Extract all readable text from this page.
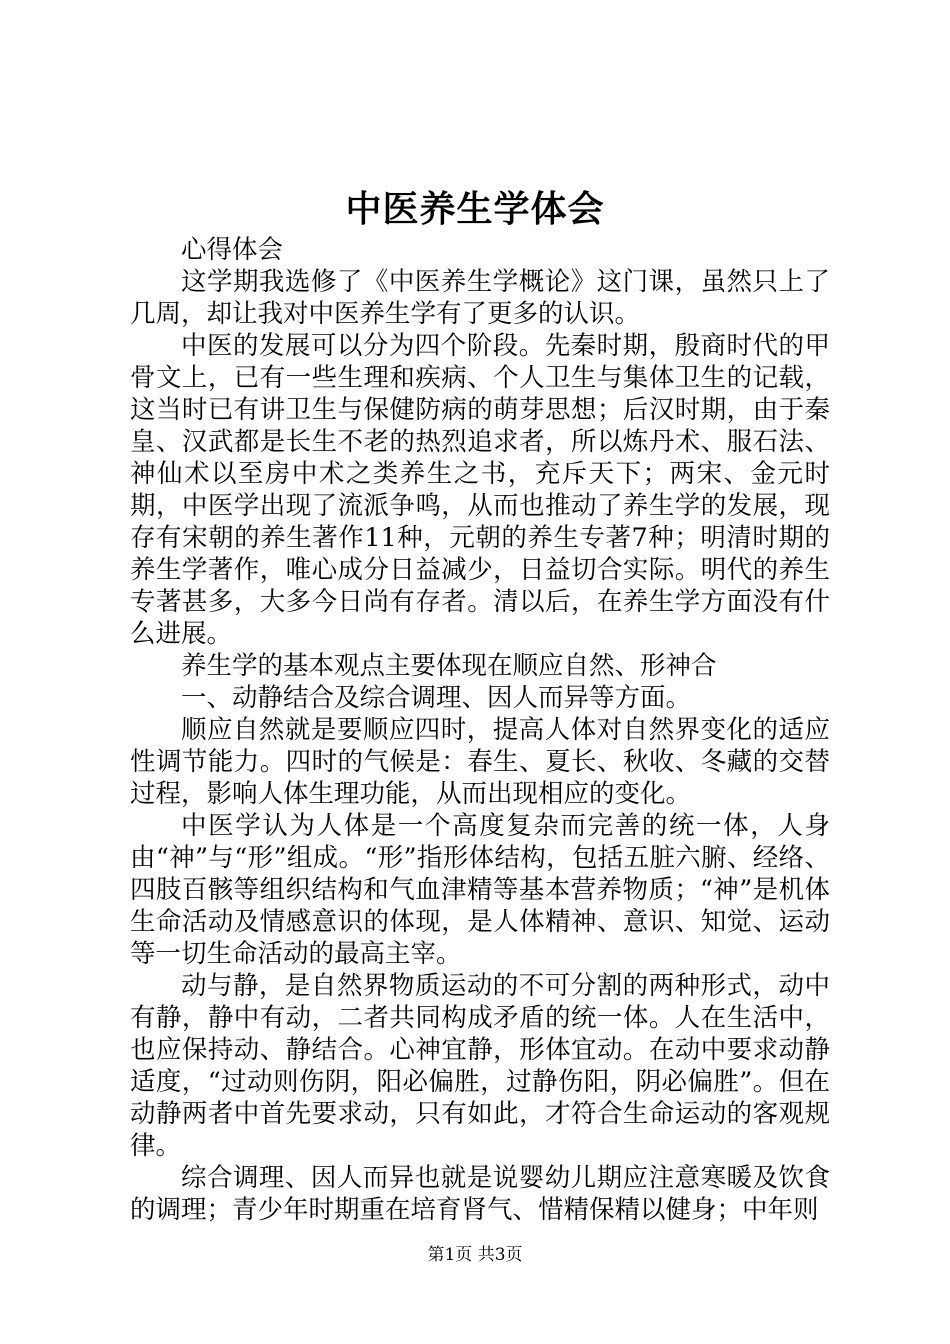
中医养生学体会

心得体会

这学期我选修了《中医养生学概论》这门课，虽然只上了几周，却让我对中医养生学有了更多的认识。

中医的发展可以分为四个阶段。先秦时期，殷商时代的甲骨文上，已有一些生理和疾病、个人卫生与集体卫生的记载，这当时已有讲卫生与保健防病的萌芽思想；后汉时期，由于秦皇、汉武都是长生不老的热烈追求者，所以炼丹术、服石法、神仙术以至房中术之类养生之书，充斥天下；两宋、金元时期，中医学出现了流派争鸣，从而也推动了养生学的发展，现存有宋朝的养生著作11种，元朝的养生专著7种；明清时期的养生学著作，唯心成分日益减少，日益切合实际。明代的养生专著甚多，大多今日尚有存者。清以后，在养生学方面没有什么进展。

养生学的基本观点主要体现在顺应自然、形神合

一、动静结合及综合调理、因人而异等方面。

顺应自然就是要顺应四时，提高人体对自然界变化的适应性调节能力。四时的气候是：春生、夏长、秋收、冬藏的交替过程，影响人体生理功能，从而出现相应的变化。

中医学认为人体是一个高度复杂而完善的统一体，人身由“神”与“形”组成。“形”指形体结构，包括五脏六腑、经络、四肢百骸等组织结构和气血津精等基本营养物质；“神”是机体生命活动及情感意识的体现，是人体精神、意识、知觉、运动等一切生命活动的最高主宰。

动与静，是自然界物质运动的不可分割的两种形式，动中有静，静中有动，二者共同构成矛盾的统一体。人在生活中，也应保持动、静结合。心神宜静，形体宜动。在动中要求动静适度，“过动则伤阴，阳必偏胜，过静伤阳，阴必偏胜”。但在动静两者中首先要求动，只有如此，才符合生命运动的客观规律。

综合调理、因人而异也就是说婴幼儿期应注意寒暖及饮食的调理；青少年时期重在培育肾气、惜精保精以健身；中年则

第1页 共3页
